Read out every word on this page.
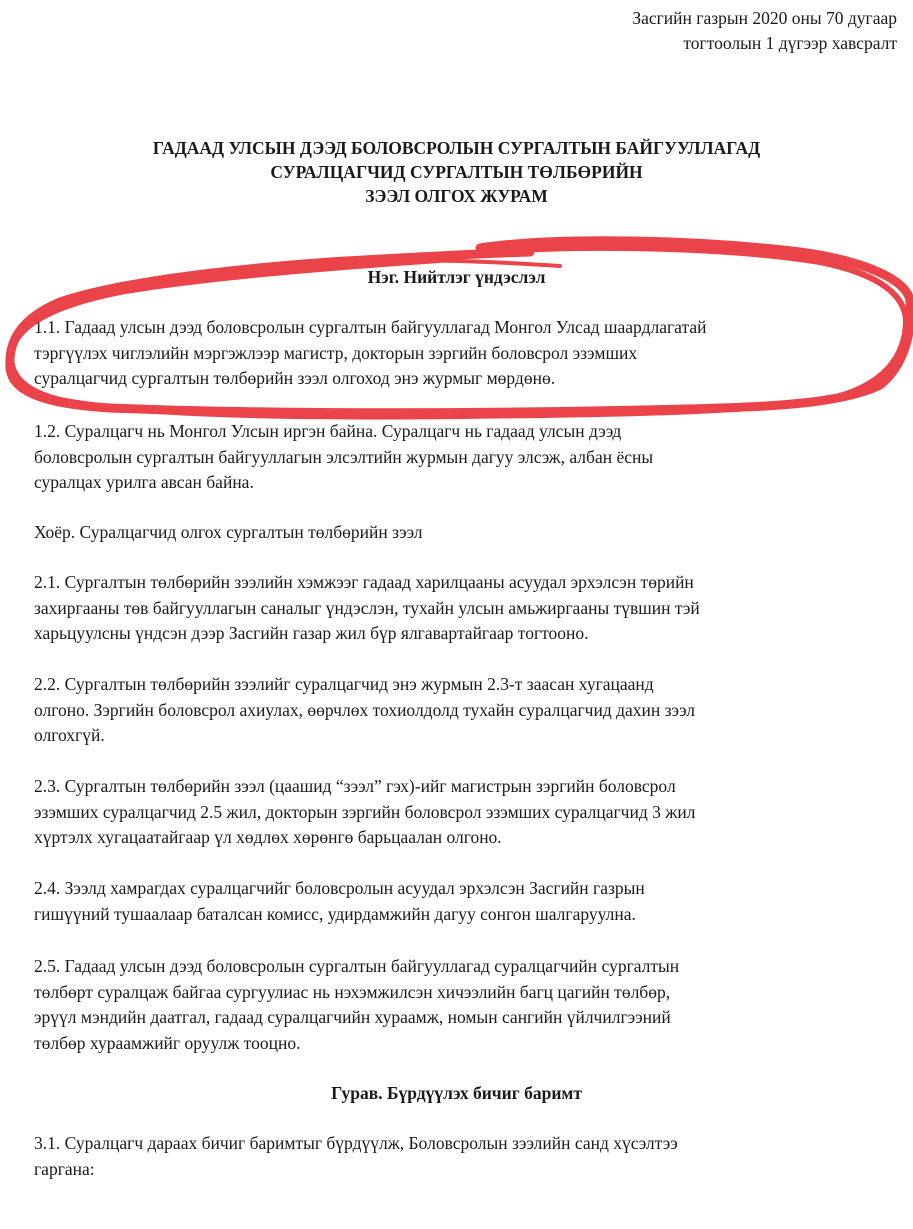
Засгийн газрын 2020 оны 70 дугаар
тогтоолын 1 дүгээр хавсралт
ГАДААД УЛСЫН ДЭЭД БОЛОВСРОЛЫН СУРГАЛТЫН БАЙГУУЛЛАГАД
СУРАЛЦАГЧИД СУРГАЛТЫН ТӨЛБӨРИЙН
ЗЭЭЛ ОЛГОХ ЖУРАМ
Нэг. Нийтлэг үндэслэл
1.1. Гадаад улсын дээд боловсролын сургалтын байгууллагад Монгол Улсад шаардлагатай
тэргүүлэх чиглэлийн мэргэжлээр магистр, докторын зэргийн боловсрол эзэмших
суралцагчид сургалтын төлбөрийн зээл олгоход энэ журмыг мөрдөнө.
1.2. Суралцагч нь Монгол Улсын иргэн байна. Суралцагч нь гадаад улсын дээд
боловсролын сургалтын байгууллагын элсэлтийн журмын дагуу элсэж, албан ёсны
суралцах урилга авсан байна.
Хоёр. Суралцагчид олгох сургалтын төлбөрийн зээл
2.1. Сургалтын төлбөрийн зээлийн хэмжээг гадаад харилцааны асуудал эрхэлсэн төрийн
захиргааны төв байгууллагын саналыг үндэслэн, тухайн улсын амьжиргааны түвшин тэй
харьцуулсны үндсэн дээр Засгийн газар жил бүр ялгавартайгаар тогтооно.
2.2. Сургалтын төлбөрийн зээлийг суралцагчид энэ журмын 2.3-т заасан хугацаанд
олгоно. Зэргийн боловсрол ахиулах, өөрчлөх тохиолдолд тухайн суралцагчид дахин зээл
олгохгүй.
2.3. Сургалтын төлбөрийн зээл (цаашид “зээл” гэх)-ийг магистрын зэргийн боловсрол
эзэмших суралцагчид 2.5 жил, докторын зэргийн боловсрол эзэмших суралцагчид 3 жил
хүртэлх хугацаатайгаар үл хөдлөх хөрөнгө барьцаалан олгоно.
2.4. Зээлд хамрагдах суралцагчийг боловсролын асуудал эрхэлсэн Засгийн газрын
гишүүний тушаалаар баталсан комисс, удирдамжийн дагуу сонгон шалгаруулна.
2.5. Гадаад улсын дээд боловсролын сургалтын байгууллагад суралцагчийн сургалтын
төлбөрт суралцаж байгаа сургуулиас нь нэхэмжилсэн хичээлийн багц цагийн төлбөр,
эрүүл мэндийн даатгал, гадаад суралцагчийн хураамж, номын сангийн үйлчилгээний
төлбөр хураамжийг оруулж тооцно.
Гурав. Бүрдүүлэх бичиг баримт
3.1. Суралцагч дараах бичиг баримтыг бүрдүүлж, Боловсролын зээлийн санд хүсэлтээ
гаргана:
